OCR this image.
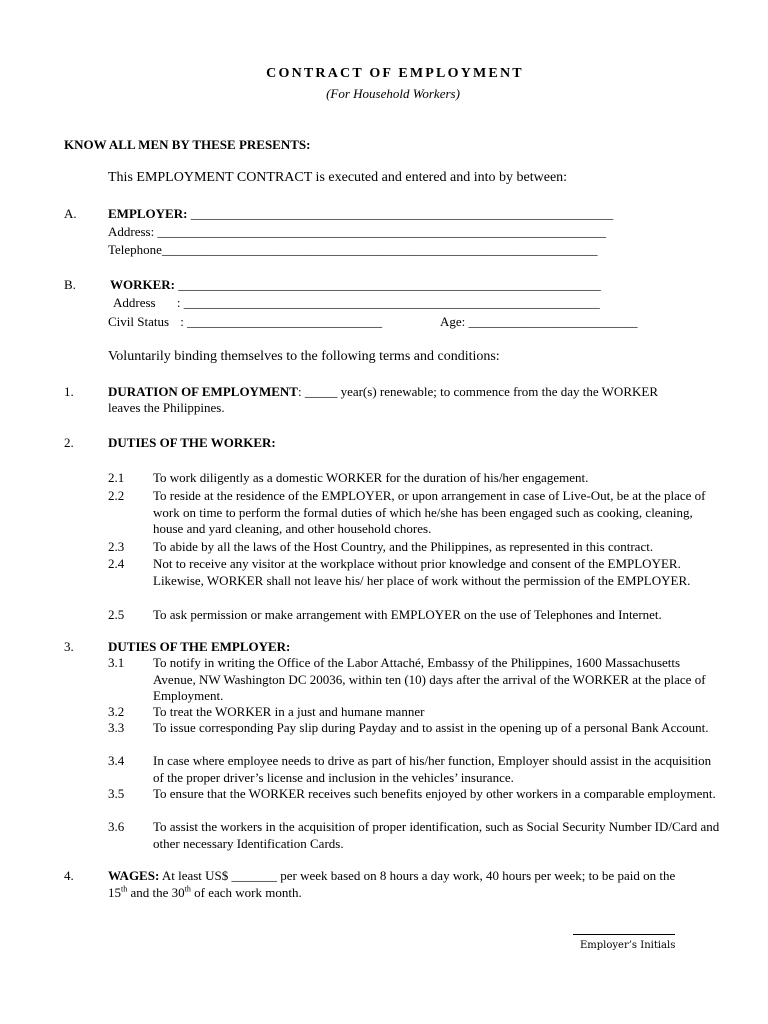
CONTRACT OF EMPLOYMENT
(For Household Workers)
KNOW ALL MEN BY THESE PRESENTS:
This EMPLOYMENT CONTRACT is executed and entered and into by between:
A. EMPLOYER: _________________________________________________________________
Address: _____________________________________________________________________
Telephone___________________________________________________________________
B.	WORKER: _________________________________________________________________
Address : ________________________________________________________________
Civil Status : ______________________________	Age: __________________________
Voluntarily binding themselves to the following terms and conditions:
1.	DURATION OF EMPLOYMENT: _____ year(s) renewable; to commence from the day the WORKER
leaves the Philippines.
2.	DUTIES OF THE WORKER:
2.1 To work diligently as a domestic WORKER for the duration of his/her engagement.
2.2 To reside at the residence of the EMPLOYER, or upon arrangement in case of Live-Out, be at the place of work on time to perform the formal duties of which he/she has been engaged such as cooking, cleaning, house and yard cleaning, and other household chores.
2.3 To abide by all the laws of the Host Country, and the Philippines, as represented in this contract.
2.4 Not to receive any visitor at the workplace without prior knowledge and consent of the EMPLOYER. Likewise, WORKER shall not leave his/ her place of work without the permission of the EMPLOYER.
2.5 To ask permission or make arrangement with EMPLOYER on the use of Telephones and Internet.
3.	DUTIES OF THE EMPLOYER:
3.1 To notify in writing the Office of the Labor Attaché, Embassy of the Philippines, 1600 Massachusetts Avenue, NW Washington DC 20036, within ten (10) days after the arrival of the WORKER at the place of Employment.
3.2 To treat the WORKER in a just and humane manner
3.3 To issue corresponding Pay slip during Payday and to assist in the opening up of a personal Bank Account.
3.4 In case where employee needs to drive as part of his/her function, Employer should assist in the acquisition of the proper driver’s license and inclusion in the vehicles’ insurance.
3.5 To ensure that the WORKER receives such benefits enjoyed by other workers in a comparable employment.
3.6 To assist the workers in the acquisition of proper identification, such as Social Security Number ID/Card and other necessary Identification Cards.
4.	WAGES: At least US$ _______ per week based on 8 hours a day work, 40 hours per week; to be paid on the
15th and the 30th of each work month.
Employer’s Initials
